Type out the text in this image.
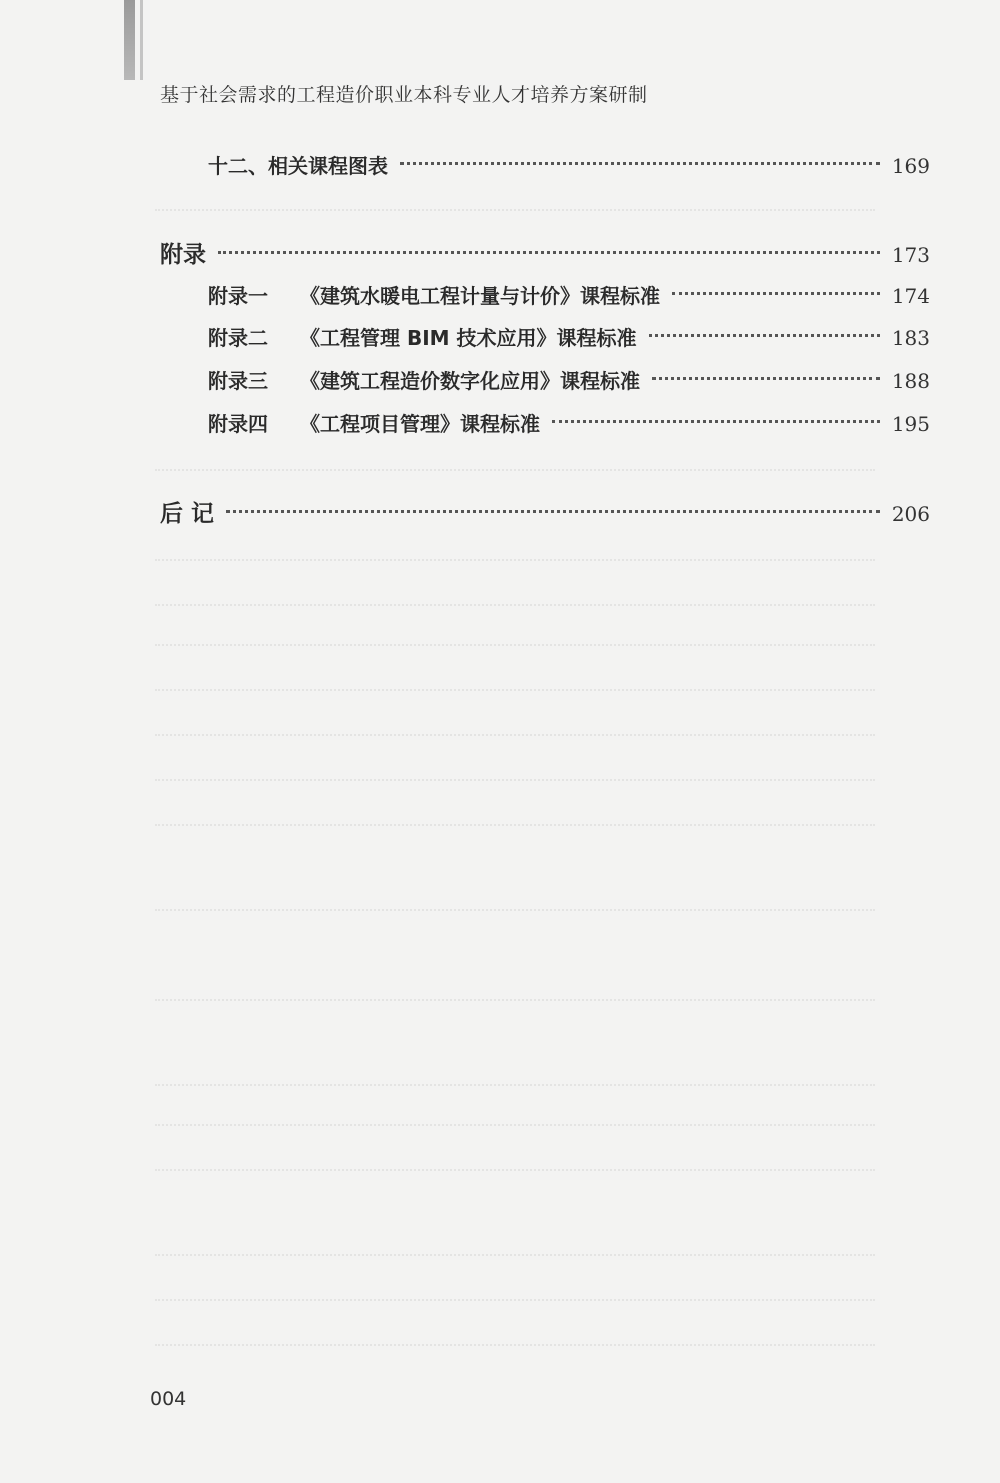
基于社会需求的工程造价职业本科专业人才培养方案研制
十二、 相关课程图表	169
附录	173
附录一	《建筑水暖电工程计量与计价》课程标准	174
附录二	《工程管理 BIM 技术应用》课程标准	183
附录三	《建筑工程造价数字化应用》课程标准	188
附录四	《工程项目管理》课程标准	195
后 记	206
004
